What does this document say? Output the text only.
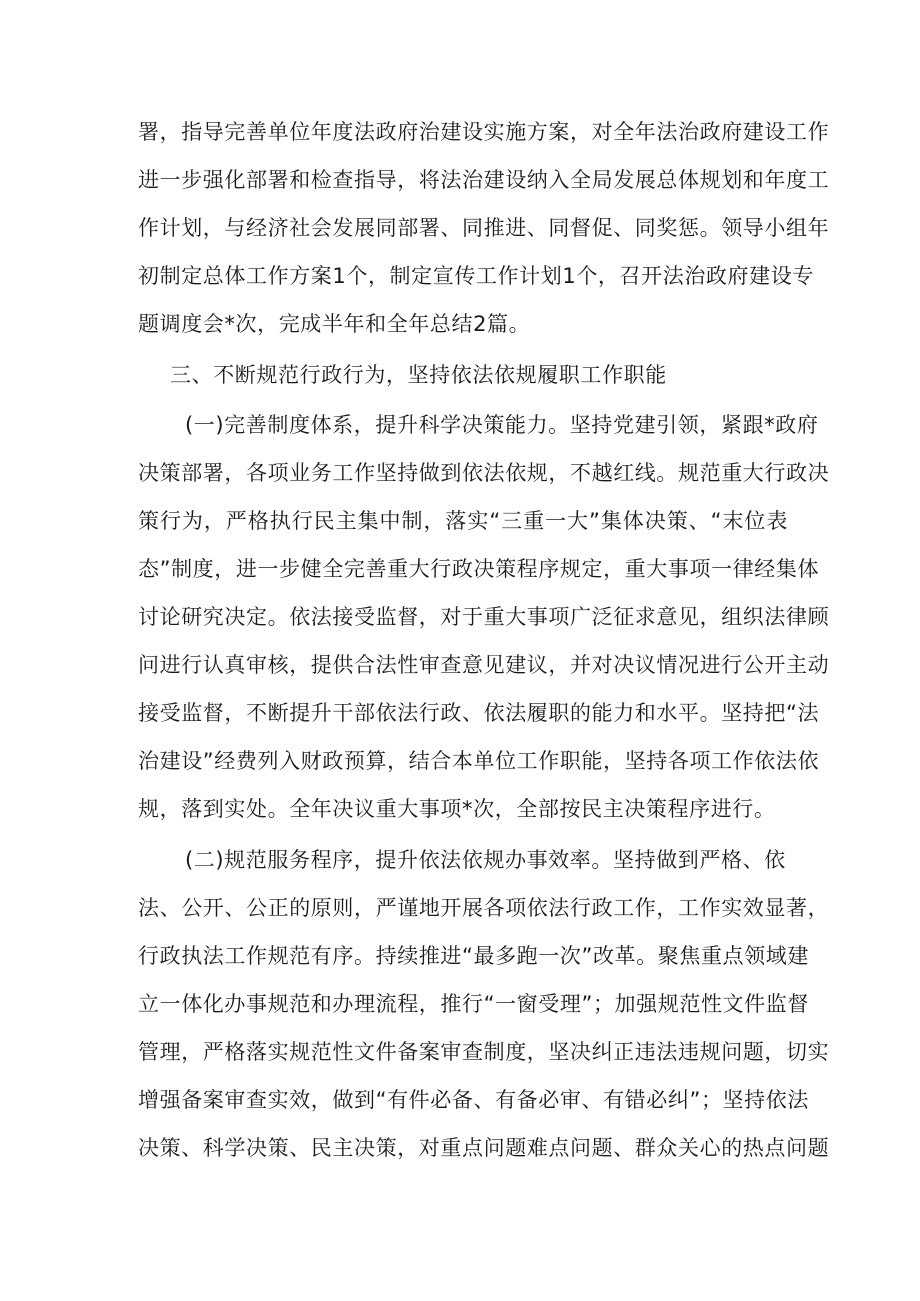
署，指导完善单位年度法政府治建设实施方案，对全年法治政府建设工作
进一步强化部署和检查指导，将法治建设纳入全局发展总体规划和年度工
作计划，与经济社会发展同部署、同推进、同督促、同奖惩。领导小组年
初制定总体工作方案1个，制定宣传工作计划1个，召开法治政府建设专
题调度会*次，完成半年和全年总结2篇。
三、不断规范行政行为，坚持依法依规履职工作职能
(一)完善制度体系，提升科学决策能力。坚持党建引领，紧跟*政府
决策部署，各项业务工作坚持做到依法依规，不越红线。规范重大行政决
策行为，严格执行民主集中制，落实“三重一大”集体决策、“末位表
态”制度，进一步健全完善重大行政决策程序规定，重大事项一律经集体
讨论研究决定。依法接受监督，对于重大事项广泛征求意见，组织法律顾
问进行认真审核，提供合法性审查意见建议，并对决议情况进行公开主动
接受监督，不断提升干部依法行政、依法履职的能力和水平。坚持把“法
治建设”经费列入财政预算，结合本单位工作职能，坚持各项工作依法依
规，落到实处。全年决议重大事项*次，全部按民主决策程序进行。
(二)规范服务程序，提升依法依规办事效率。坚持做到严格、依
法、公开、公正的原则，严谨地开展各项依法行政工作，工作实效显著，
行政执法工作规范有序。持续推进“最多跑一次”改革。聚焦重点领域建
立一体化办事规范和办理流程，推行“一窗受理”；加强规范性文件监督
管理，严格落实规范性文件备案审查制度，坚决纠正违法违规问题，切实
增强备案审查实效，做到“有件必备、有备必审、有错必纠”；坚持依法
决策、科学决策、民主决策，对重点问题难点问题、群众关心的热点问题
